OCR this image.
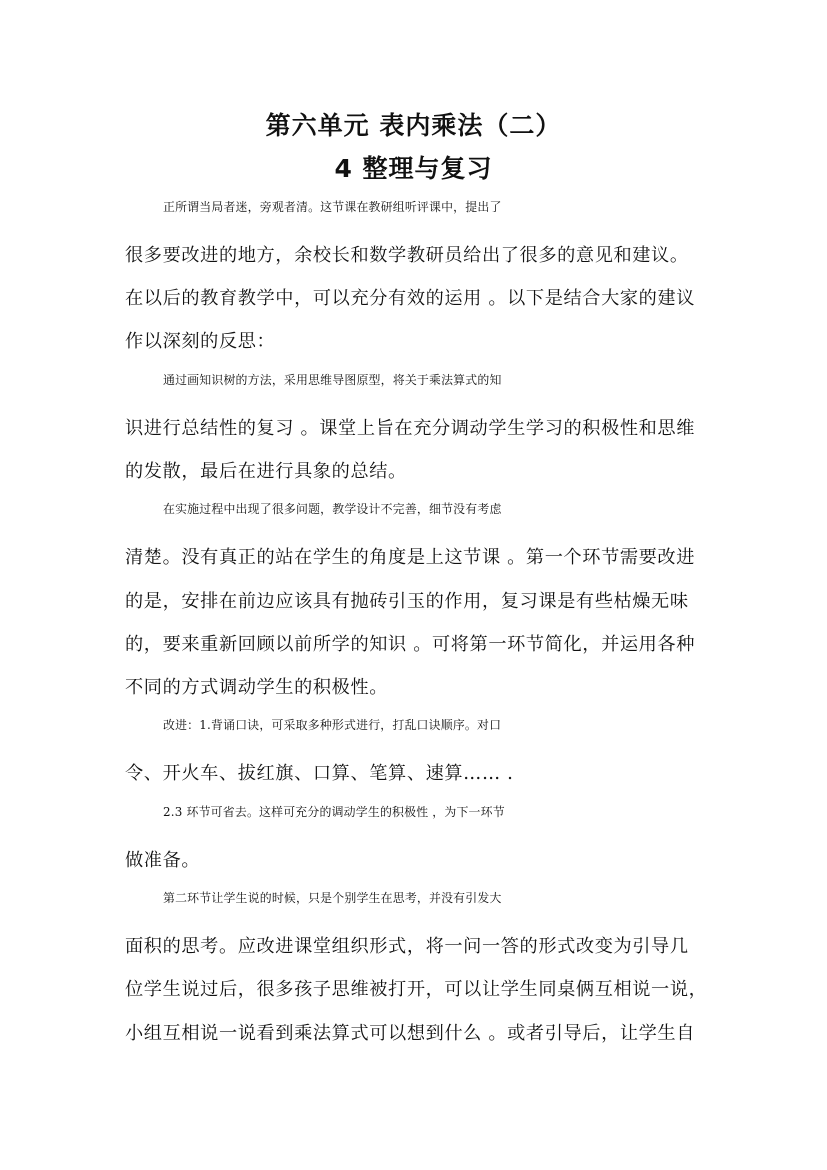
第六单元 表内乘法（二）
4 整理与复习
正所谓当局者迷，旁观者清。这节课在教研组听评课中，提出了
很多要改进的地方，余校长和数学教研员给出了很多的意见和建议。
在以后的教育教学中，可以充分有效的运用 。以下是结合大家的建议
作以深刻的反思：
通过画知识树的方法，采用思维导图原型，将关于乘法算式的知
识进行总结性的复习 。课堂上旨在充分调动学生学习的积极性和思维
的发散，最后在进行具象的总结。
在实施过程中出现了很多问题，教学设计不完善，细节没有考虑
清楚。没有真正的站在学生的角度是上这节课 。第一个环节需要改进
的是，安排在前边应该具有抛砖引玉的作用，复习课是有些枯燥无味
的，要来重新回顾以前所学的知识 。可将第一环节简化，并运用各种
不同的方式调动学生的积极性。
改进：1.背诵口诀，可采取多种形式进行，打乱口诀顺序。对口
令、开火车、拔红旗、口算、笔算、速算…… .
2.3 环节可省去。这样可充分的调动学生的积极性 ，为下一环节
做准备。
第二环节让学生说的时候，只是个别学生在思考，并没有引发大
面积的思考。应改进课堂组织形式，将一问一答的形式改变为引导几
位学生说过后，很多孩子思维被打开，可以让学生同桌俩互相说一说，
小组互相说一说看到乘法算式可以想到什么 。或者引导后，让学生自
